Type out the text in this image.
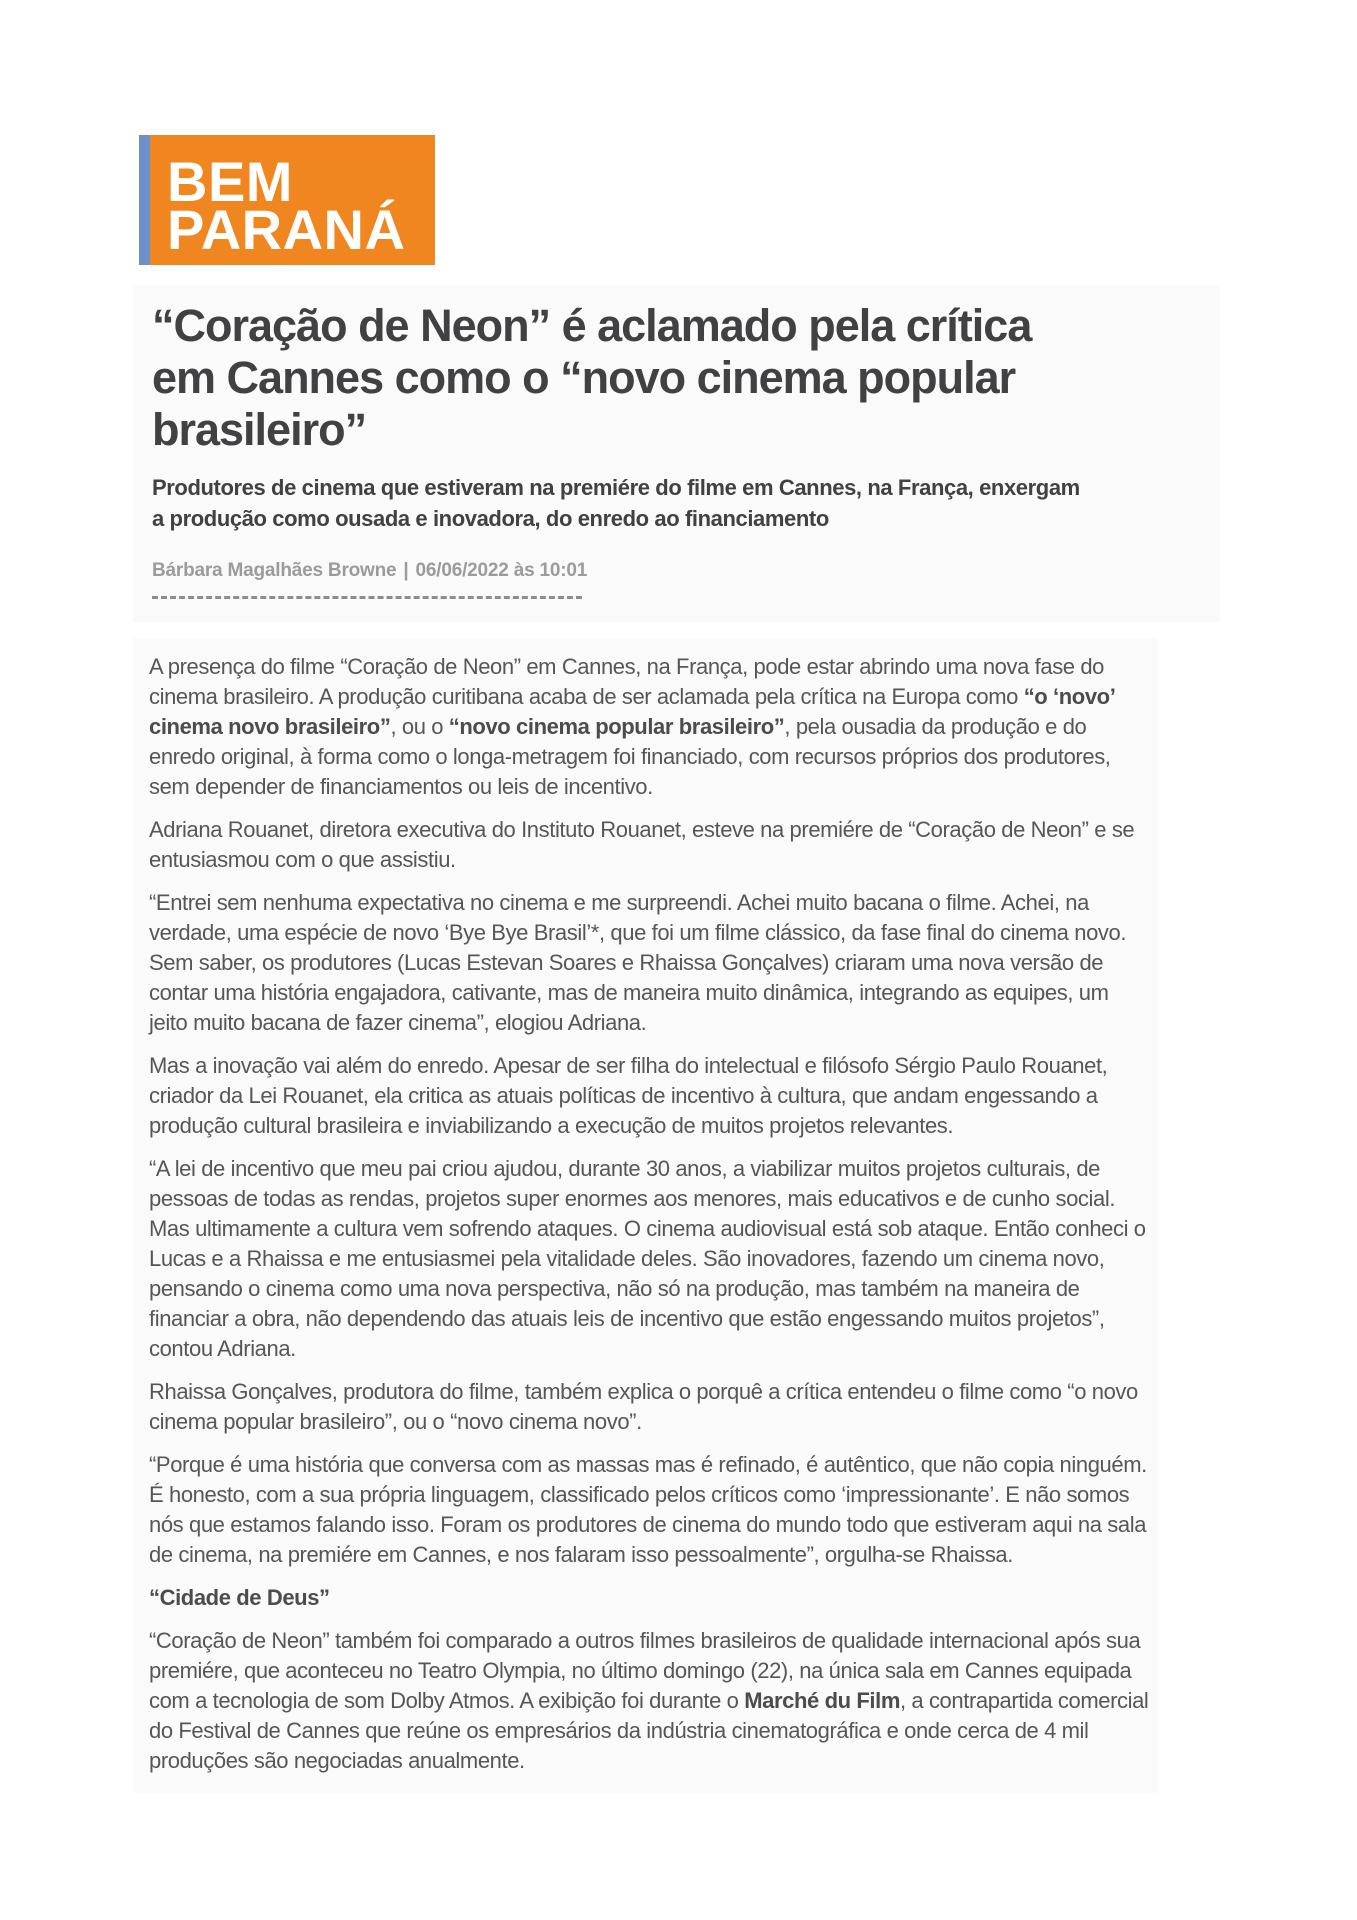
BEM
PARANÁ
“Coração de Neon” é aclamado pela crítica em Cannes como o “novo cinema popular brasileiro”
Produtores de cinema que estiveram na premiére do filme em Cannes, na França, enxergam a produção como ousada e inovadora, do enredo ao financiamento
Bárbara Magalhães Browne | 06/06/2022 às 10:01

A presença do filme “Coração de Neon” em Cannes, na França, pode estar abrindo uma nova fase do cinema brasileiro. A produção curitibana acaba de ser aclamada pela crítica na Europa como “o ‘novo’ cinema novo brasileiro”, ou o “novo cinema popular brasileiro”, pela ousadia da produção e do enredo original, à forma como o longa-metragem foi financiado, com recursos próprios dos produtores, sem depender de financiamentos ou leis de incentivo.

Adriana Rouanet, diretora executiva do Instituto Rouanet, esteve na premiére de “Coração de Neon” e se entusiasmou com o que assistiu.

“Entrei sem nenhuma expectativa no cinema e me surpreendi. Achei muito bacana o filme. Achei, na verdade, uma espécie de novo ‘Bye Bye Brasil’*, que foi um filme clássico, da fase final do cinema novo. Sem saber, os produtores (Lucas Estevan Soares e Rhaissa Gonçalves) criaram uma nova versão de contar uma história engajadora, cativante, mas de maneira muito dinâmica, integrando as equipes, um jeito muito bacana de fazer cinema”, elogiou Adriana.

Mas a inovação vai além do enredo. Apesar de ser filha do intelectual e filósofo Sérgio Paulo Rouanet, criador da Lei Rouanet, ela critica as atuais políticas de incentivo à cultura, que andam engessando a produção cultural brasileira e inviabilizando a execução de muitos projetos relevantes.

“A lei de incentivo que meu pai criou ajudou, durante 30 anos, a viabilizar muitos projetos culturais, de pessoas de todas as rendas, projetos super enormes aos menores, mais educativos e de cunho social. Mas ultimamente a cultura vem sofrendo ataques. O cinema audiovisual está sob ataque. Então conheci o Lucas e a Rhaissa e me entusiasmei pela vitalidade deles. São inovadores, fazendo um cinema novo, pensando o cinema como uma nova perspectiva, não só na produção, mas também na maneira de financiar a obra, não dependendo das atuais leis de incentivo que estão engessando muitos projetos”, contou Adriana.

Rhaissa Gonçalves, produtora do filme, também explica o porquê a crítica entendeu o filme como “o novo cinema popular brasileiro”, ou o “novo cinema novo”.

“Porque é uma história que conversa com as massas mas é refinado, é autêntico, que não copia ninguém. É honesto, com a sua própria linguagem, classificado pelos críticos como ‘impressionante’. E não somos nós que estamos falando isso. Foram os produtores de cinema do mundo todo que estiveram aqui na sala de cinema, na premiére em Cannes, e nos falaram isso pessoalmente”, orgulha-se Rhaissa.

“Cidade de Deus”

“Coração de Neon” também foi comparado a outros filmes brasileiros de qualidade internacional após sua premiére, que aconteceu no Teatro Olympia, no último domingo (22), na única sala em Cannes equipada com a tecnologia de som Dolby Atmos. A exibição foi durante o Marché du Film, a contrapartida comercial do Festival de Cannes que reúne os empresários da indústria cinematográfica e onde cerca de 4 mil produções são negociadas anualmente.
